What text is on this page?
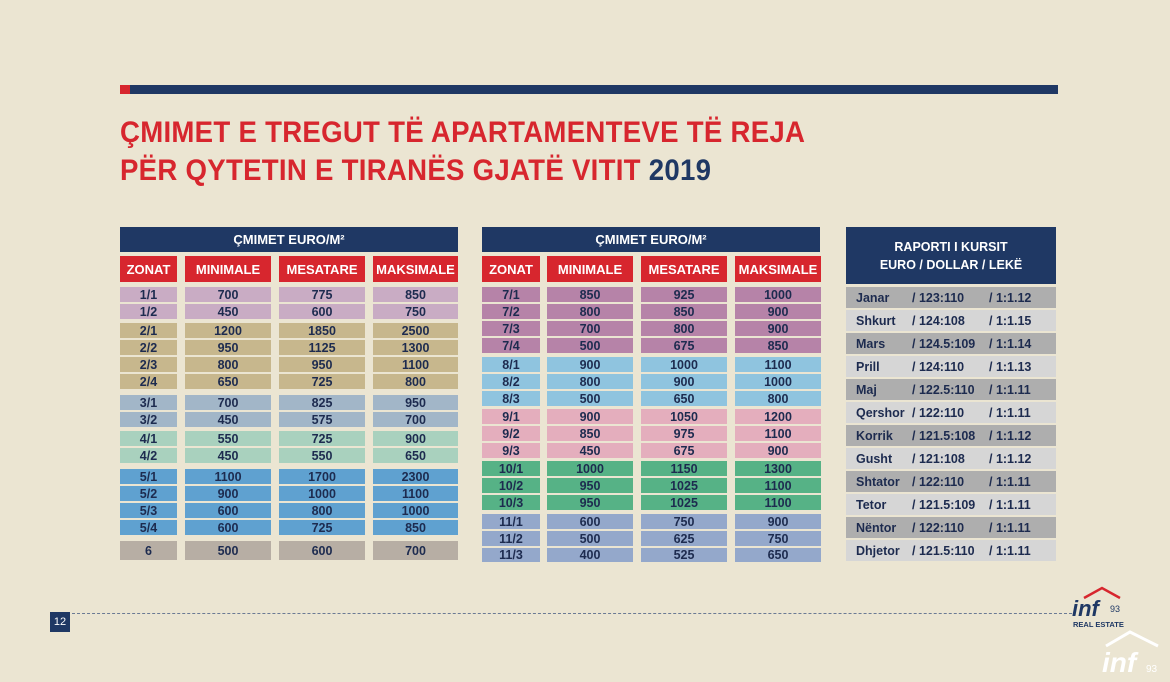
ÇMIMET E TREGUT TË APARTAMENTEVE TË REJA
PËR QYTETIN E TIRANËS GJATË VITIT 2019
ÇMIMET EURO/M²
ZONAT	MINIMALE	MESATARE	MAKSIMALE
1/1	700	775	850
1/2	450	600	750
2/1	1200	1850	2500
2/2	950	1125	1300
2/3	800	950	1100
2/4	650	725	800
3/1	700	825	950
3/2	450	575	700
4/1	550	725	900
4/2	450	550	650
5/1	1100	1700	2300
5/2	900	1000	1100
5/3	600	800	1000
5/4	600	725	850
6	500	600	700
ÇMIMET EURO/M²
ZONAT	MINIMALE	MESATARE	MAKSIMALE
7/1	850	925	1000
7/2	800	850	900
7/3	700	800	900
7/4	500	675	850
8/1	900	1000	1100
8/2	800	900	1000
8/3	500	650	800
9/1	900	1050	1200
9/2	850	975	1100
9/3	450	675	900
10/1	1000	1150	1300
10/2	950	1025	1100
10/3	950	1025	1100
11/1	600	750	900
11/2	500	625	750
11/3	400	525	650
RAPORTI I KURSIT
EURO / DOLLAR / LEKË
Janar / 123:110 / 1:1.12
Shkurt / 124:108 / 1:1.15
Mars / 124.5:109 / 1:1.14
Prill	/ 124:110 / 1:1.13
Maj	/ 122.5:110 / 1:1.11
Qershor / 122:110 / 1:1.11
Korrik / 121.5:108 / 1:1.12
Gusht / 121:108 / 1:1.12
Shtator / 122:110 / 1:1.11
Tetor / 121.5:109 / 1:1.11
Nëntor / 122:110 / 1:1.11
Dhjetor / 121.5:110 / 1:1.11
12
inf 93
REAL ESTATE
inf 93
